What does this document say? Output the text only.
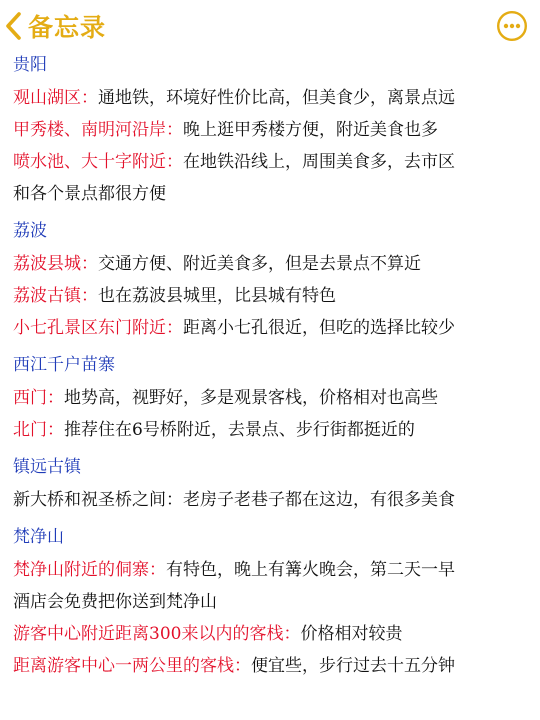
备忘录
贵阳
观山湖区：通地铁，环境好性价比高，但美食少，离景点远
甲秀楼、南明河沿岸：晚上逛甲秀楼方便，附近美食也多
喷水池、大十字附近：在地铁沿线上，周围美食多，去市区
和各个景点都很方便
荔波
荔波县城：交通方便、附近美食多，但是去景点不算近
荔波古镇：也在荔波县城里，比县城有特色
小七孔景区东门附近：距离小七孔很近，但吃的选择比较少
西江千户苗寨
西门：地势高，视野好，多是观景客栈，价格相对也高些
北门：推荐住在6号桥附近，去景点、步行街都挺近的
镇远古镇
新大桥和祝圣桥之间：老房子老巷子都在这边，有很多美食
梵净山
梵净山附近的侗寨：有特色，晚上有篝火晚会，第二天一早
酒店会免费把你送到梵净山
游客中心附近距离300来以内的客栈：价格相对较贵
距离游客中心一两公里的客栈：便宜些，步行过去十五分钟
